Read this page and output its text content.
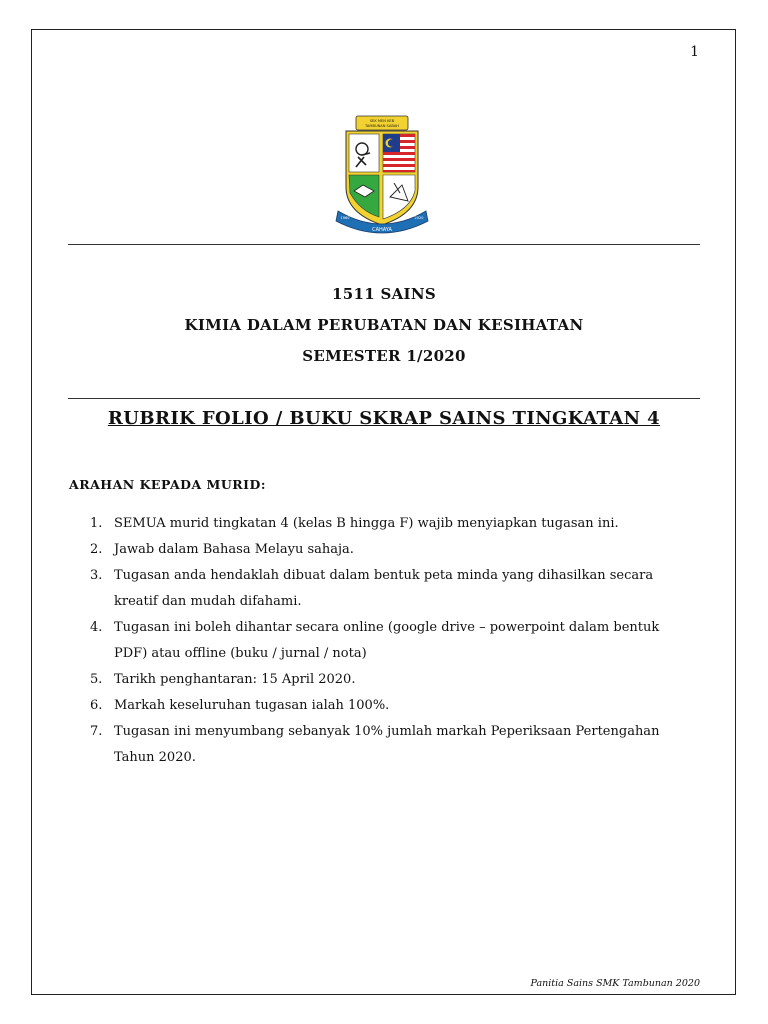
1
SEK MEN KEB
TAMBUNAN SABAH
CAHAYA
1960	2020
1511 SAINS
KIMIA DALAM PERUBATAN DAN KESIHATAN
SEMESTER 1/2020
RUBRIK FOLIO / BUKU SKRAP SAINS TINGKATAN 4
ARAHAN KEPADA MURID:
1. SEMUA murid tingkatan 4 (kelas B hingga F) wajib menyiapkan tugasan ini.
2. Jawab dalam Bahasa Melayu sahaja.
3. Tugasan anda hendaklah dibuat dalam bentuk peta minda yang dihasilkan secara kreatif dan mudah difahami.
4. Tugasan ini boleh dihantar secara online (google drive – powerpoint dalam bentuk PDF) atau offline (buku / jurnal / nota)
5. Tarikh penghantaran: 15 April 2020.
6. Markah keseluruhan tugasan ialah 100%.
7. Tugasan ini menyumbang sebanyak 10% jumlah markah Peperiksaan Pertengahan Tahun 2020.
Panitia Sains SMK Tambunan 2020
